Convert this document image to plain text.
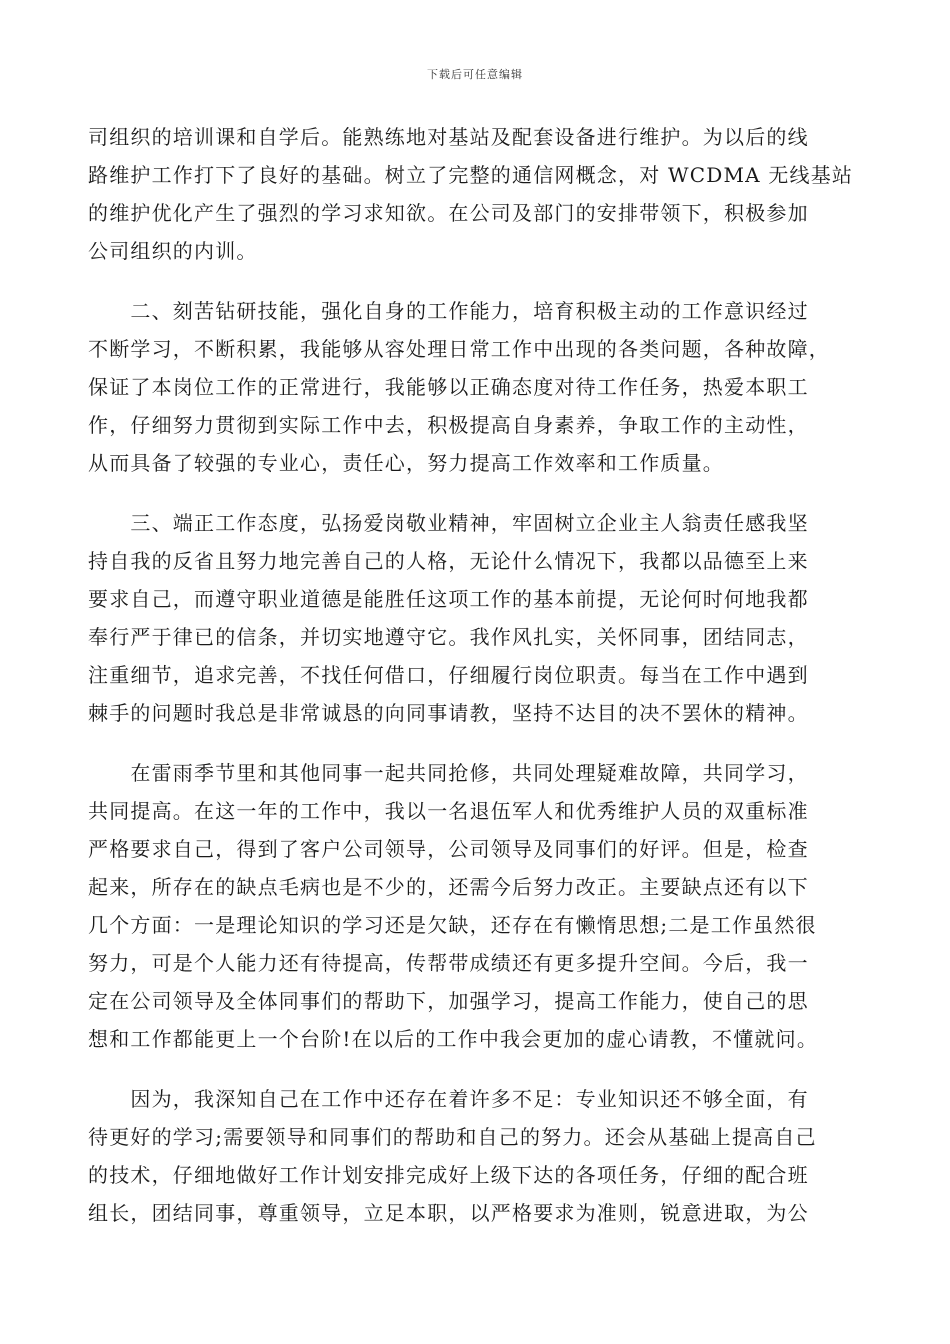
下载后可任意编辑
司组织的培训课和自学后。能熟练地对基站及配套设备进行维护。为以后的线
路维护工作打下了良好的基础。树立了完整的通信网概念，对 WCDMA 无线基站
的维护优化产生了强烈的学习求知欲。在公司及部门的安排带领下，积极参加
公司组织的内训。
　　二、刻苦钻研技能，强化自身的工作能力，培育积极主动的工作意识经过
不断学习，不断积累，我能够从容处理日常工作中出现的各类问题，各种故障，
保证了本岗位工作的正常进行，我能够以正确态度对待工作任务，热爱本职工
作，仔细努力贯彻到实际工作中去，积极提高自身素养，争取工作的主动性，
从而具备了较强的专业心，责任心，努力提高工作效率和工作质量。
　　三、端正工作态度，弘扬爱岗敬业精神，牢固树立企业主人翁责任感我坚
持自我的反省且努力地完善自己的人格，无论什么情况下，我都以品德至上来
要求自己，而遵守职业道德是能胜任这项工作的基本前提，无论何时何地我都
奉行严于律已的信条，并切实地遵守它。我作风扎实，关怀同事，团结同志，
注重细节，追求完善，不找任何借口，仔细履行岗位职责。每当在工作中遇到
棘手的问题时我总是非常诚恳的向同事请教，坚持不达目的决不罢休的精神。
　　在雷雨季节里和其他同事一起共同抢修，共同处理疑难故障，共同学习，
共同提高。在这一年的工作中，我以一名退伍军人和优秀维护人员的双重标准
严格要求自己，得到了客户公司领导，公司领导及同事们的好评。但是，检查
起来，所存在的缺点毛病也是不少的，还需今后努力改正。主要缺点还有以下
几个方面：一是理论知识的学习还是欠缺，还存在有懒惰思想;二是工作虽然很
努力，可是个人能力还有待提高，传帮带成绩还有更多提升空间。今后，我一
定在公司领导及全体同事们的帮助下，加强学习，提高工作能力，使自己的思
想和工作都能更上一个台阶!在以后的工作中我会更加的虚心请教，不懂就问。
　　因为，我深知自己在工作中还存在着许多不足：专业知识还不够全面，有
待更好的学习;需要领导和同事们的帮助和自己的努力。还会从基础上提高自己
的技术，仔细地做好工作计划安排完成好上级下达的各项任务，仔细的配合班
组长，团结同事，尊重领导，立足本职，以严格要求为准则，锐意进取，为公
